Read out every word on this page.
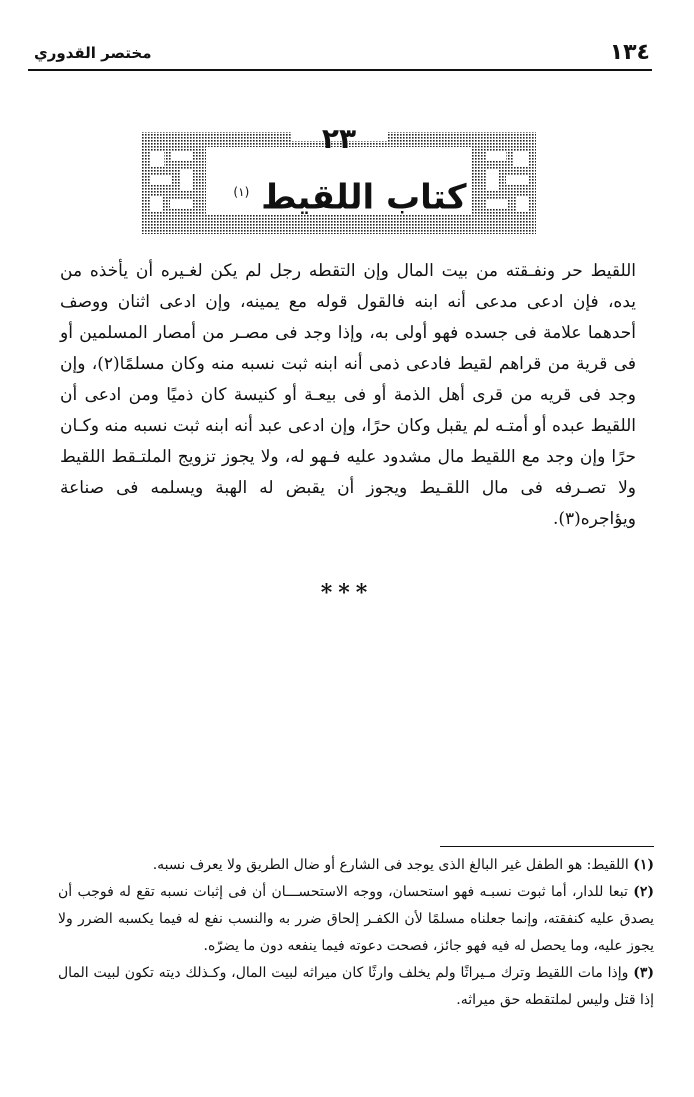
١٣٤
مختصر القدوري
٢٣
كتاب اللقيط $^{(١)}$
اللقيط حر ونفـقته من بيت المال وإن التقطه رجل لم يكن لغـيره أن يأخذه من يده، فإن ادعى مدعى أنه ابنه فالقول قوله مع يمينه، وإن ادعى اثنان ووصف أحدهما علامة فى جسده فهو أولى به، وإذا وجد فى مصـر من أمصار المسلمين أو فى قرية من قراهم لقيط فادعى ذمى أنه ابنه ثبت نسبه منه وكان مسلمًا(٢)، وإن وجد فى قريه من قرى أهل الذمة أو فى بيعـة أو كنيسة كان ذميًا ومن ادعى أن اللقيط عبده أو أمتـه لم يقبل وكان حرًا، وإن ادعى عبد أنه ابنه ثبت نسبه منه وكـان حرًا وإن وجد مع اللقيط مال مشدود عليه فـهو له، ولا يجوز تزويج الملتـقط اللقيط ولا تصـرفه فى مال اللقـيط ويجوز أن يقبض له الهبة ويسلمه فى صناعة ويؤاجره(٣).
***

(١) اللقيط: هو الطفل غير البالغ الذى يوجد فى الشارع أو ضال الطريق ولا يعرف نسبه.

(٢) تبعا للدار، أما ثبوت نسبـه فهو استحسان، ووجه الاستحســـان أن فى إثبات نسبه تقع له فوجب أن يصدق عليه كنفقته، وإنما جعلناه مسلمًا لأن الكفـر إلحاق ضرر به والنسب نفع له فيما يكسبه الضرر ولا يجوز عليه، وما يحصل له فيه فهو جائز، فصحت دعوته فيما ينفعه دون ما يضرّه.

(٣) وإذا مات اللقيط وترك مـيراثًا ولم يخلف وارثًا كان ميراثه لبيت المال، وكـذلك ديته تكون لبيت المال إذا قتل وليس لملتقطه حق ميراثه.
